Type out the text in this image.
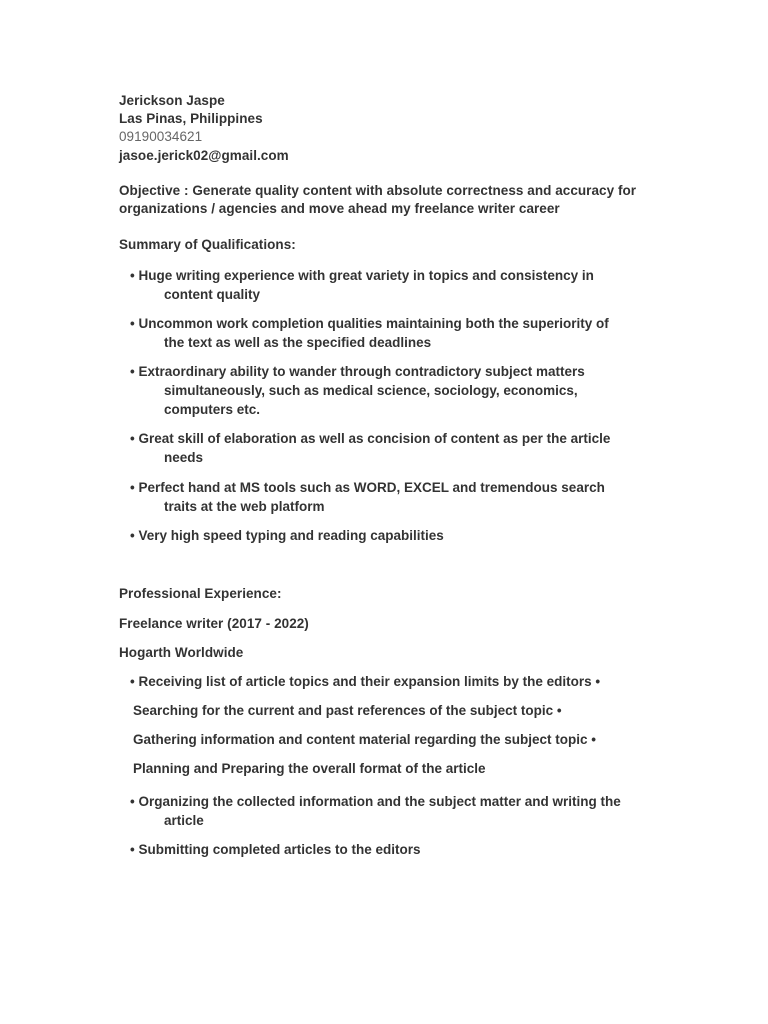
Jerickson Jaspe
Las Pinas, Philippines
09190034621
jasoe.jerick02@gmail.com
Objective : Generate quality content with absolute correctness and accuracy for
organizations / agencies and move ahead my freelance writer career
Summary of Qualifications:
• Huge writing experience with great variety in topics and consistency in
content quality
• Uncommon work completion qualities maintaining both the superiority of
the text as well as the specified deadlines
• Extraordinary ability to wander through contradictory subject matters
simultaneously, such as medical science, sociology, economics,
computers etc.
• Great skill of elaboration as well as concision of content as per the article
needs
• Perfect hand at MS tools such as WORD, EXCEL and tremendous search
traits at the web platform
• Very high speed typing and reading capabilities
Professional Experience:
Freelance writer (2017 - 2022)
Hogarth Worldwide
• Receiving list of article topics and their expansion limits by the editors •
Searching for the current and past references of the subject topic •
Gathering information and content material regarding the subject topic •
Planning and Preparing the overall format of the article
• Organizing the collected information and the subject matter and writing the
article
• Submitting completed articles to the editors
